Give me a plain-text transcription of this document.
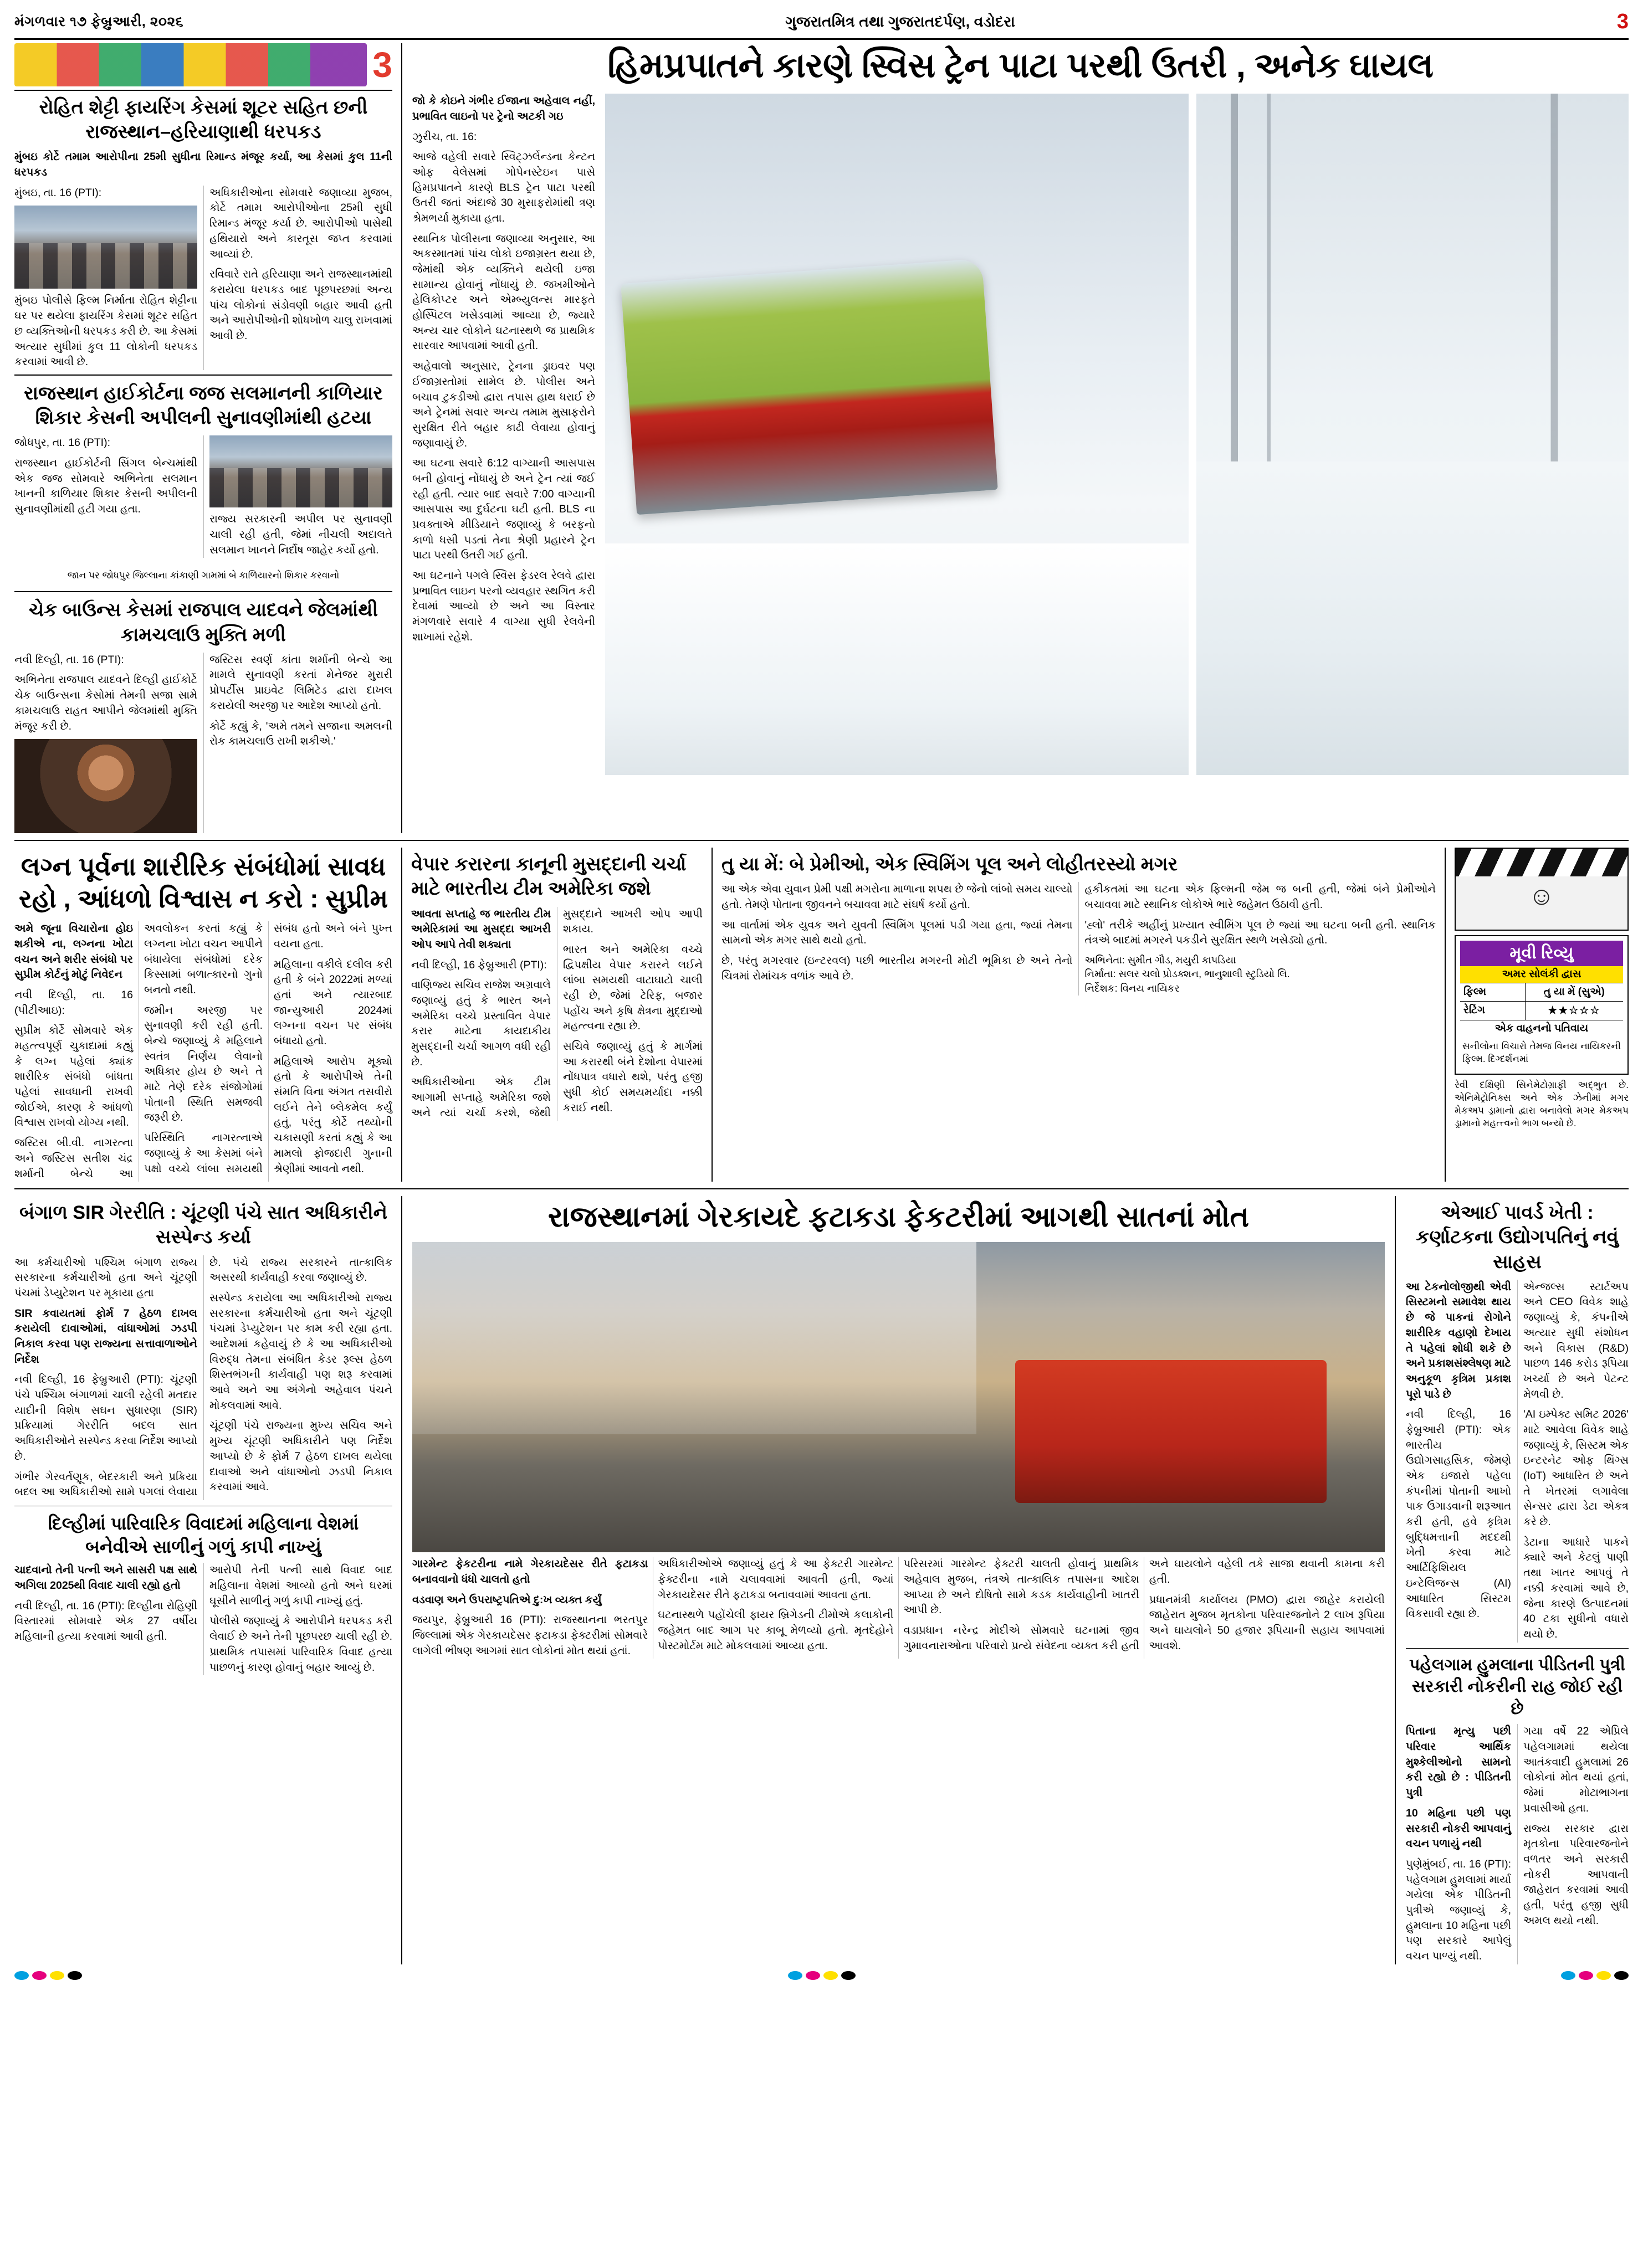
મંગળવાર ૧૭ ફેબ્રુઆરી, ૨૦૨૬	ગુજરાતમિત્ર તથા ગુજરાતદર્પણ, વડોદરા	3
3
રોહિત શેટ્ટી ફાયરિંગ કેસમાં શૂટર સહિત છની રાજસ્થાન–હરિયાણાથી ધરપકડ

મુંબઇ કોર્ટે તમામ આરોપીના 25મી સુધીના રિમાન્ડ મંજૂર કર્યા, આ કેસમાં કુલ 11ની ધરપકડ

મુંબઇ, તા. 16 (PTI):

મુંબઇ પોલીસે ફિલ્મ નિર્માતા રોહિત શેટ્ટીના ઘર પર થયેલા ફાયરિંગ કેસમાં શૂટર સહિત છ વ્યક્તિઓની ધરપકડ કરી છે. આ કેસમાં અત્યાર સુધીમાં કુલ 11 લોકોની ધરપકડ કરવામાં આવી છે.

અધિકારીઓના સોમવારે જણાવ્યા મુજબ, કોર્ટે તમામ આરોપીઓના 25મી સુધી રિમાન્ડ મંજૂર કર્યા છે. આરોપીઓ પાસેથી હથિયારો અને કારતૂસ જપ્ત કરવામાં આવ્યાં છે.

રવિવારે રાતે હરિયાણા અને રાજસ્થાનમાંથી કરાયેલા ધરપકડ બાદ પૂછપરછમાં અન્ય પાંચ લોકોનાં સંડોવણી બહાર આવી હતી અને આરોપીઓની શોધખોળ ચાલુ રાખવામાં આવી છે.

રાજસ્થાન હાઈકોર્ટના જજ સલમાનની કાળિયાર શિકાર કેસની અપીલની સુનાવણીમાંથી હટયા

જોધપુર, તા. 16 (PTI):

રાજસ્થાન હાઈકોર્ટની સિંગલ બેન્ચમાંથી એક જજ સોમવારે અભિનેતા સલમાન ખાનની કાળિયાર શિકાર કેસની અપીલની સુનાવણીમાંથી હટી ગયા હતા.

રાજ્ય સરકારની અપીલ પર સુનાવણી ચાલી રહી હતી, જેમાં નીચલી અદાલતે સલમાન ખાનને નિર્દોષ જાહેર કર્યો હતો.

જાન પર જોધપુર જિલ્લાના કાંકાણી ગામમાં બે કાળિયારનો શિકાર કરવાનો

ચેક બાઉન્સ કેસમાં રાજપાલ યાદવને જેલમાંથી કામચલાઉ મુક્તિ મળી

નવી દિલ્હી, તા. 16 (PTI):

અભિનેતા રાજપાલ યાદવને દિલ્હી હાઈકોર્ટે ચેક બાઉન્સના કેસોમાં તેમની સજા સામે કામચલાઉ રાહત આપીને જેલમાંથી મુક્તિ મંજૂર કરી છે.

જસ્ટિસ સ્વર્ણ કાંતા શર્માની બેન્ચે આ મામલે સુનાવણી કરતાં મેનેજર મુરારી પ્રોપર્ટીસ પ્રાઇવેટ લિમિટેડ દ્વારા દાખલ કરાયેલી અરજી પર આદેશ આપ્યો હતો.

કોર્ટે કહ્યું કે, 'અમે તમને સજાના અમલની રોક કામચલાઉ રાખી શકીએ.'

હિમપ્રપાતને કારણે સ્વિસ ટ્રેન પાટા પરથી ઉતરી , અનેક ઘાયલ

જો કે કોઇને ગંભીર ઈજાના અહેવાલ નહીં, પ્રભાવિત લાઇનો પર ટ્રેનો અટકી ગઇ

ઝુરીચ, તા. 16:

આજે વહેલી સવારે સ્વિટ્ઝર્લેન્ડના કેન્ટન ઓફ વેલેસમાં ગોપેનસ્ટેઇન પાસે હિમપ્રપાતને કારણે BLS ટ્રેન પાટા પરથી ઉતરી જતાં અંદાજે 30 મુસાફરોમાંથી ત્રણ શ્રેમભર્યા મુકાયા હતા.

સ્થાનિક પોલીસના જણાવ્યા અનુસાર, આ અકસ્માતમાં પાંચ લોકો ઇજાગ્રસ્ત થયા છે, જેમાંથી એક વ્યક્તિને થયેલી ઇજા સામાન્ય હોવાનું નોંધાયું છે. જખમીઓને હેલિકોપ્ટર અને એમ્બ્યુલન્સ મારફતે હોસ્પિટલ ખસેડવામાં આવ્યા છે, જ્યારે અન્ય ચાર લોકોને ઘટનાસ્થળે જ પ્રાથમિક સારવાર આપવામાં આવી હતી.

અહેવાલો અનુસાર, ટ્રેનના ડ્રાઇવર પણ ઈજાગ્રસ્તોમાં સામેલ છે. પોલીસ અને બચાવ ટુકડીઓ દ્વારા તપાસ હાથ ધરાઈ છે અને ટ્રેનમાં સવાર અન્ય તમામ મુસાફરોને સુરક્ષિત રીતે બહાર કાઢી લેવાયા હોવાનું જણાવાયું છે.

આ ઘટના સવારે 6:12 વાગ્યાની આસપાસ બની હોવાનું નોંધાયું છે અને ટ્રેન ત્યાં જઈ રહી હતી. ત્યાર બાદ સવારે 7:00 વાગ્યાની આસપાસ આ દુર્ઘટના ઘટી હતી. BLS ના પ્રવક્તાએ મીડિયાને જણાવ્યું કે બરફનો કાળો ધસી પડતાં તેના શ્રેણી પ્રહારને ટ્રેન પાટા પરથી ઉતરી ગઈ હતી.

આ ઘટનાને પગલે સ્વિસ ફેડરલ રેલવે દ્વારા પ્રભાવિત લાઇન પરનો વ્યવહાર સ્થગિત કરી દેવામાં આવ્યો છે અને આ વિસ્તાર મંગળવારે સવારે 4 વાગ્યા સુધી રેલવેની શાખામાં રહેશે.

લગ્ન પૂર્વના શારીરિક સંબંધોમાં સાવધ રહો , આંધળો વિશ્વાસ ન કરો : સુપ્રીમ

અમે જૂના વિચારોના હોઇ શકીએ ના, લગ્નના ખોટા વચન અને શરીર સંબંધો પર સુપ્રીમ કોર્ટનું મોટું નિવેદન

નવી દિલ્હી, તા. 16 (પીટીઆઇ):

સુપ્રીમ કોર્ટે સોમવારે એક મહત્ત્વપૂર્ણ ચુકાદામાં કહ્યું કે લગ્ન પહેલાં ક્યાંક શારીરિક સંબંધો બાંધતા પહેલાં સાવધાની રાખવી જોઈએ, કારણ કે આંધળો વિશ્વાસ રાખવો યોગ્ય નથી.

જસ્ટિસ બી.વી. નાગરત્ના અને જસ્ટિસ સતીશ ચંદ્ર શર્માની બેન્ચે આ અવલોકન કરતાં કહ્યું કે લગ્નના ખોટા વચન આપીને બંધાયેલા સંબંધોમાં દરેક કિસ્સામાં બળાત્કારનો ગુનો બનતો નથી.

જમીન અરજી પર સુનાવણી કરી રહી હતી. બેન્ચે જણાવ્યું કે મહિલાને સ્વતંત્ર નિર્ણય લેવાનો અધિકાર હોય છે અને તે માટે તેણે દરેક સંજોગોમાં પોતાની સ્થિતિ સમજવી જરૂરી છે.

પરિસ્થિતિ નાગરત્નાએ જણાવ્યું કે આ કેસમાં બંને પક્ષો વચ્ચે લાંબા સમયથી સંબંધ હતો અને બંને પુખ્ત વયના હતા.

મહિલાના વકીલે દલીલ કરી હતી કે બંને 2022માં મળ્યાં હતાં અને ત્યારબાદ જાન્યુઆરી 2024માં લગ્નના વચન પર સંબંધ બંધાયો હતો.

મહિલાએ આરોપ મૂક્યો હતો કે આરોપીએ તેની સંમતિ વિના અંગત તસવીરો લઈને તેને બ્લેકમેલ કર્યું હતું, પરંતુ કોર્ટે તથ્યોની ચકાસણી કરતાં કહ્યું કે આ મામલો ફોજદારી ગુનાની શ્રેણીમાં આવતો નથી.

વેપાર કરારના કાનૂની મુસદ્દાની ચર્ચા માટે ભારતીય ટીમ અમેરિકા જશે

આવતા સપ્તાહે જ ભારતીય ટીમ અમેરિકામાં આ મુસદ્દા આખરી ઓપ આપે તેવી શક્યતા

નવી દિલ્હી, 16 ફેબ્રુઆરી (PTI):

વાણિજ્ય સચિવ રાજેશ અગ્રવાલે જણાવ્યું હતું કે ભારત અને અમેરિકા વચ્ચે પ્રસ્તાવિત વેપાર કરાર માટેના કાયદાકીય મુસદ્દાની ચર્ચા આગળ વધી રહી છે.

અધિકારીઓના એક ટીમ આગામી સપ્તાહે અમેરિકા જશે અને ત્યાં ચર્ચા કરશે, જેથી મુસદ્દાને આખરી ઓપ આપી શકાય.

ભારત અને અમેરિકા વચ્ચે દ્વિપક્ષીય વેપાર કરારને લઈને લાંબા સમયથી વાટાઘાટો ચાલી રહી છે, જેમાં ટેરિફ, બજાર પહોંચ અને કૃષિ ક્ષેત્રના મુદ્દાઓ મહત્ત્વના રહ્યા છે.

સચિવે જણાવ્યું હતું કે માર્ગમાં આ કરારથી બંને દેશોના વેપારમાં નોંધપાત્ર વધારો થશે, પરંતુ હજી સુધી કોઈ સમયમર્યાદા નક્કી કરાઈ નથી.

તુ યા મેં: બે પ્રેમીઓ, એક સ્વિમિંગ પૂલ અને લોહીતરસ્યો મગર

આ એક એવા યુવાન પ્રેમી પક્ષી મગરોના માળાના શપથ છે જેનો લાંબો સમય ચાલ્યો હતો. તેમણે પોતાના જીવનને બચાવવા માટે સંઘર્ષ કર્યો હતો.

આ વાર્તામાં એક યુવક અને યુવતી સ્વિમિંગ પૂલમાં પડી ગયા હતા, જ્યાં તેમના સામનો એક મગર સાથે થયો હતો.

છે, પરંતુ મગરવાર (ઇન્ટરવલ) પછી ભારતીય મગરની મોટી ભૂમિકા છે અને તેનો ચિત્રમાં રોમાંચક વળાંક આવે છે.

હકીકતમાં આ ઘટના એક ફિલ્મની જેમ જ બની હતી, જેમાં બંને પ્રેમીઓને બચાવવા માટે સ્થાનિક લોકોએ ભારે જહેમત ઉઠાવી હતી.

'હ્લો' તરીકે અહીંનું પ્રખ્યાત સ્વીમિંગ પૂલ છે જ્યાં આ ઘટના બની હતી. સ્થાનિક તંત્રએ બાદમાં મગરને પકડીને સુરક્ષિત સ્થળે ખસેડ્યો હતો.

અભિનેતા: સુમીત ગૌડ, મયુરી કાપડિયા
નિર્માતા: સલર ચલો પ્રોડક્શન, ભાનુશાલી સ્ટુડિયો લિ.
નિર્દેશક: વિનય નાયિકર
☺
મૂવી રિવ્યુ
અમર સોલંકી દ્વાસ
ફિલ્મ	તુ યા મેં (સુએ)
રેટિંગ	★★☆☆☆
એક વાહનનો પતિવાય
સનીલોના વિચારો તેમજ વિનય નાયિકરની ફિલ્મ. દિગ્દર્શનમાં
રેવી દક્ષિણી સિનેમેટોગ્રાફી અદ્ભુત છે. એનિમેટ્રોનિક્સ અને એક ઝેનીમાં મગર મેકઅપ ડ્રામાનો દ્વારા બનાવેલો મગર મેકઅપ ડ્રામાનો મહત્ત્વનો ભાગ બન્યો છે.
બંગાળ SIR ગેરરીતિ : ચૂંટણી પંચે સાત અધિકારીને સસ્પેન્ડ કર્યા

આ કર્મચારીઓ પશ્ચિમ બંગાળ રાજ્ય સરકારના કર્મચારીઓ હતા અને ચૂંટણી પંચમાં ડેપ્યુટેશન પર મૂકાયા હતા

SIR કવાયતમાં ફોર્મ 7 હેઠળ દાખલ કરાયેલી દાવાઓમાં, વાંધાઓમાં ઝડપી નિકાલ કરવા પણ રાજ્યના સત્તાવાળાઓને નિર્દેશ

નવી દિલ્હી, 16 ફેબ્રુઆરી (PTI): ચૂંટણી પંચે પશ્ચિમ બંગાળમાં ચાલી રહેલી મતદાર યાદીની વિશેષ સઘન સુધારણા (SIR) પ્રક્રિયામાં ગેરરીતિ બદલ સાત અધિકારીઓને સસ્પેન્ડ કરવા નિર્દેશ આપ્યો છે.

ગંભીર ગેરવર્તણૂક, બેદરકારી અને પ્રક્રિયા બદલ આ અધિકારીઓ સામે પગલાં લેવાયા છે. પંચે રાજ્ય સરકારને તાત્કાલિક અસરથી કાર્યવાહી કરવા જણાવ્યું છે.

સસ્પેન્ડ કરાયેલા આ અધિકારીઓ રાજ્ય સરકારના કર્મચારીઓ હતા અને ચૂંટણી પંચમાં ડેપ્યુટેશન પર કામ કરી રહ્યા હતા. આદેશમાં કહેવાયું છે કે આ અધિકારીઓ વિરુદ્ધ તેમના સંબંધિત કેડર રૂલ્સ હેઠળ શિસ્તભંગની કાર્યવાહી પણ શરૂ કરવામાં આવે અને આ અંગેનો અહેવાલ પંચને મોકલવામાં આવે.

ચૂંટણી પંચે રાજ્યના મુખ્ય સચિવ અને મુખ્ય ચૂંટણી અધિકારીને પણ નિર્દેશ આપ્યો છે કે ફોર્મ 7 હેઠળ દાખલ થયેલા દાવાઓ અને વાંધાઓનો ઝડપી નિકાલ કરવામાં આવે.

દિલ્હીમાં પારિવારિક વિવાદમાં મહિલાના વેશમાં બનેવીએ સાળીનું ગળું કાપી નાખ્યું

ચાદવાનો તેની પત્ની અને સાસરી પક્ષ સાથે અગિલા 2025થી વિવાદ ચાલી રહ્યો હતો

નવી દિલ્હી, તા. 16 (PTI): દિલ્હીના રોહિણી વિસ્તારમાં સોમવારે એક 27 વર્ષીય મહિલાની હત્યા કરવામાં આવી હતી.

આરોપી તેની પત્ની સાથે વિવાદ બાદ મહિલાના વેશમાં આવ્યો હતો અને ઘરમાં ઘૂસીને સાળીનું ગળું કાપી નાખ્યું હતું.

પોલીસે જણાવ્યું કે આરોપીને ધરપકડ કરી લેવાઈ છે અને તેની પૂછપરછ ચાલી રહી છે. પ્રાથમિક તપાસમાં પારિવારિક વિવાદ હત્યા પાછળનું કારણ હોવાનું બહાર આવ્યું છે.

રાજસ્થાનમાં ગેરકાયદે ફટાકડા ફેકટરીમાં આગથી સાતનાં મોત

ગારમેન્ટ ફેકટરીના નામે ગેરકાયદેસર રીતે ફટાકડા બનાવવાનો ધંધો ચાલતો હતો

વડવાણ અને ઉપરાષ્ટ્રપતિએ દુ:ખ વ્યક્ત કર્યું

જયપુર, ફેબ્રુઆરી 16 (PTI): રાજસ્થાનના ભરતપુર જિલ્લામાં એક ગેરકાયદેસર ફટાકડા ફેક્ટરીમાં સોમવારે લાગેલી ભીષણ આગમાં સાત લોકોનાં મોત થયાં હતાં.

અધિકારીઓએ જણાવ્યું હતું કે આ ફેક્ટરી ગારમેન્ટ ફેક્ટરીના નામે ચલાવવામાં આવતી હતી, જ્યાં ગેરકાયદેસર રીતે ફટાકડા બનાવવામાં આવતા હતા.

ઘટનાસ્થળે પહોંચેલી ફાયર બ્રિગેડની ટીમોએ કલાકોની જહેમત બાદ આગ પર કાબૂ મેળવ્યો હતો. મૃતદેહોને પોસ્ટમોર્ટમ માટે મોકલવામાં આવ્યા હતા.

પરિસરમાં ગારમેન્ટ ફેક્ટરી ચાલતી હોવાનું પ્રાથમિક અહેવાલ મુજબ, તંત્રએ તાત્કાલિક તપાસના આદેશ આપ્યા છે અને દોષિતો સામે કડક કાર્યવાહીની ખાતરી આપી છે.

વડાપ્રધાન નરેન્દ્ર મોદીએ સોમવારે ઘટનામાં જીવ ગુમાવનારાઓના પરિવારો પ્રત્યે સંવેદના વ્યક્ત કરી હતી અને ઘાયલોને વહેલી તકે સાજા થવાની કામના કરી હતી.

પ્રધાનમંત્રી કાર્યાલય (PMO) દ્વારા જાહેર કરાયેલી જાહેરાત મુજબ મૃતકોના પરિવારજનોને 2 લાખ રૂપિયા અને ઘાયલોને 50 હજાર રૂપિયાની સહાય આપવામાં આવશે.

એઆઈ પાવર્ડ ખેતી : કર્ણાટકના ઉદ્યોગપતિનું નવું સાહસ

આ ટેકનોલોજીથી એવી સિસ્ટમનો સમાવેશ થાય છે જે પાકનાં રોગોને શારીરિક વહાણો દેખાય તે પહેલાં શોધી શકે છે અને પ્રકાશસંશ્લેષણ માટે અનુકૂળ કૃત્રિમ પ્રકાશ પૂરો પાડે છે

નવી દિલ્હી, 16 ફેબ્રુઆરી (PTI): એક ભારતીય ઉદ્યોગસાહસિક, જેમણે એક ઇજારો પહેલા કંપનીમાં પોતાની આખો પાક ઉગાડવાની શરૂઆત કરી હતી, હવે કૃત્રિમ બુદ્ધિમત્તાની મદદથી ખેતી કરવા માટે આર્ટિફિશિયલ ઇન્ટેલિજન્સ (AI) આધારિત સિસ્ટમ વિકસાવી રહ્યા છે.

એન્જલ્સ સ્ટાર્ટઅપ અને CEO વિવેક શાહે જણાવ્યું કે, કંપનીએ અત્યાર સુધી સંશોધન અને વિકાસ (R&D) પાછળ 146 કરોડ રૂપિયા ખર્ચ્યા છે અને પેટન્ટ મેળવી છે.

'AI ઇમ્પેક્ટ સમિટ 2026' માટે આવેલા વિવેક શાહે જણાવ્યું કે, સિસ્ટમ એક ઇન્ટરનેટ ઓફ થિંગ્સ (IoT) આધારિત છે અને તે ખેતરમાં લગાવેલા સેન્સર દ્વારા ડેટા એકત્ર કરે છે.

ડેટાના આધારે પાકને ક્યારે અને કેટલું પાણી તથા ખાતર આપવું તે નક્કી કરવામાં આવે છે, જેના કારણે ઉત્પાદનમાં 40 ટકા સુધીનો વધારો થયો છે.

પહેલગામ હુમલાના પીડિતની પુત્રી સરકારી નોકરીની રાહ જોઈ રહી છે

પિતાના મૃત્યુ પછી પરિવાર આર્થિક મુશ્કેલીઓનો સામનો કરી રહ્યો છે : પીડિતની પુત્રી

10 મહિના પછી પણ સરકારી નોકરી આપવાનું વચન પળાયું નથી

પુણેમુંબઈ, તા. 16 (PTI): પહેલગામ હુમલામાં માર્યા ગયેલા એક પીડિતની પુત્રીએ જણાવ્યું કે, હુમલાના 10 મહિના પછી પણ સરકારે આપેલું વચન પાળ્યું નથી.

ગયા વર્ષે 22 એપ્રિલે પહેલગામમાં થયેલા આતંકવાદી હુમલામાં 26 લોકોનાં મોત થયાં હતાં, જેમાં મોટાભાગના પ્રવાસીઓ હતા.

રાજ્ય સરકાર દ્વારા મૃતકોના પરિવારજનોને વળતર અને સરકારી નોકરી આપવાની જાહેરાત કરવામાં આવી હતી, પરંતુ હજી સુધી અમલ થયો નથી.
